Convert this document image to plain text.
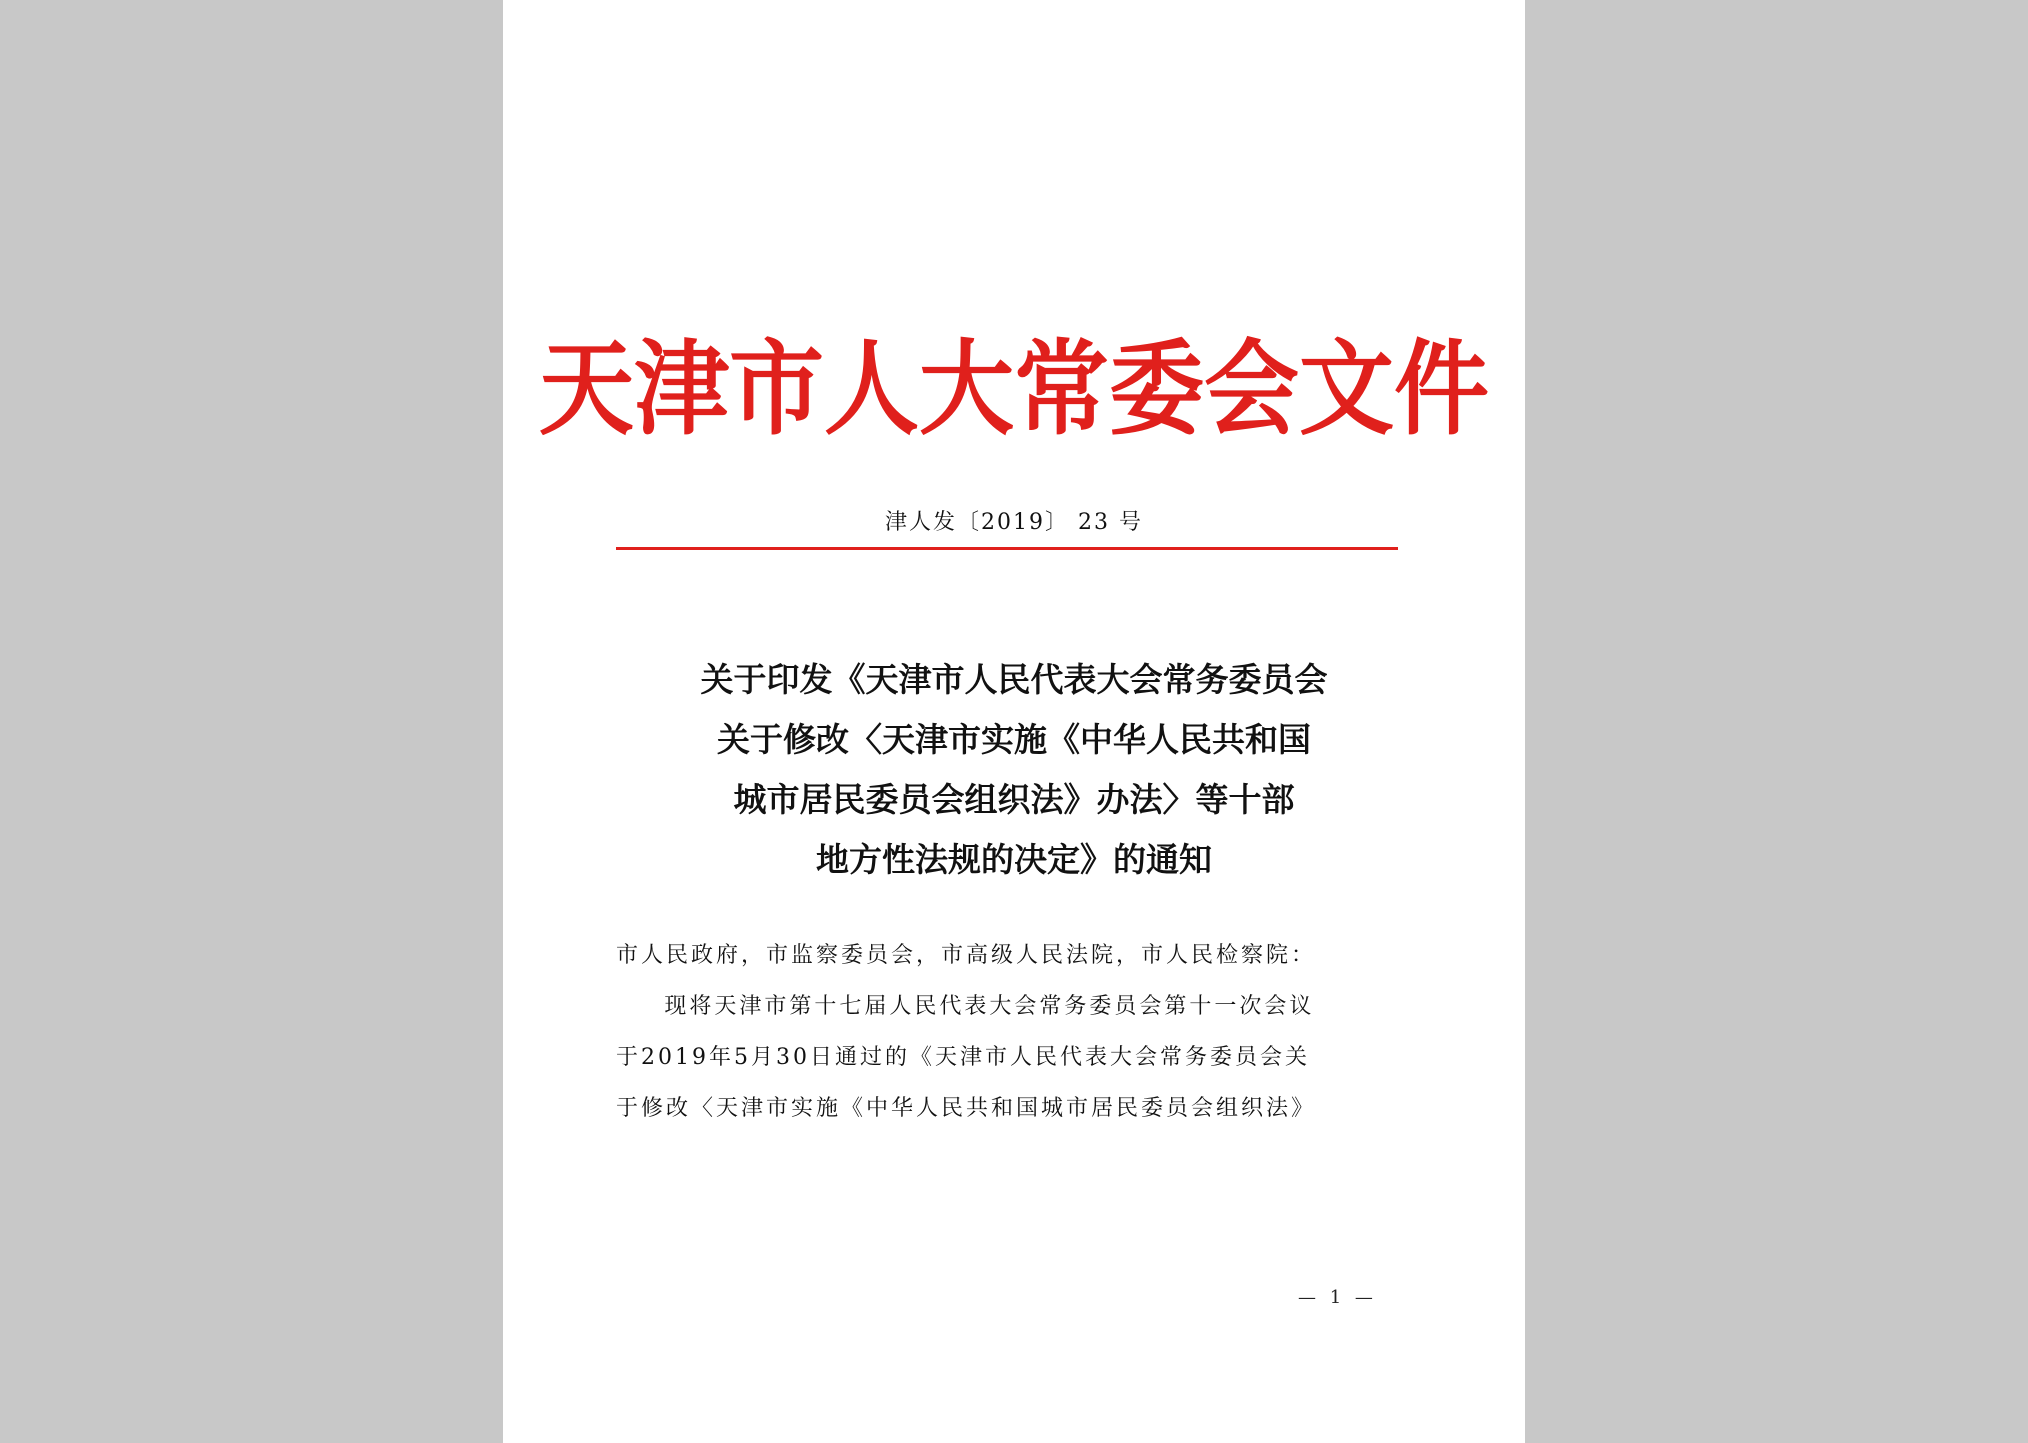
天津市人大常委会文件
津人发〔2019〕 23 号
关于印发《天津市人民代表大会常务委员会
关于修改〈天津市实施《中华人民共和国
城市居民委员会组织法》办法〉等十部
地方性法规的决定》的通知

市人民政府，市监察委员会，市高级人民法院，市人民检察院：

现将天津市第十七届人民代表大会常务委员会第十一次会议

于2019年5月30日通过的《天津市人民代表大会常务委员会关

于修改〈天津市实施《中华人民共和国城市居民委员会组织法》

— 1 —
